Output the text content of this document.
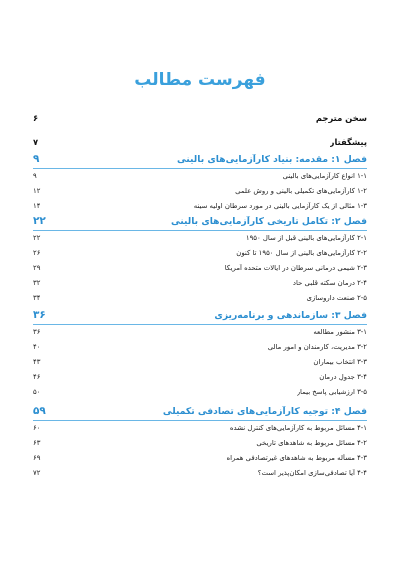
فهرست مطالب
سخن مترجم
۶
پیشگفتار
۷
فصل ۱: مقدمه: بنیاد کارآزمایی‌های بالینی
۹
۱-۱ انواع کارآزمایی‌های بالینی
۹
۱-۲ کارآزمایی‌های تکمیلی بالینی و روش علمی
۱۲
۱-۳ مثالی از یک کارآزمایی بالینی در مورد سرطان اولیه سینه
۱۴
فصل ۲: تکامل تاریخی کارآزمایی‌های بالینی
۲۲
۲-۱ کارآزمایی‌های بالینی قبل از سال ۱۹۵۰
۲۲
۲-۲ کارآزمایی‌های بالینی از سال ۱۹۵۰ تا کنون
۲۶
۲-۳ شیمی درمانی سرطان در ایالات متحده آمریکا
۲۹
۲-۴ درمان سکته قلبی حاد
۳۲
۲-۵ صنعت داروسازی
۳۴
فصل ۳: سازماندهی و برنامه‌ریزی
۳۶
۳-۱ منشور مطالعه
۳۶
۳-۲ مدیریت، کارمندان و امور مالی
۴۰
۳-۳ انتخاب بیماران
۴۳
۳-۴ جدولِ درمان
۴۶
۳-۵ ارزشیابی پاسخ بیمار
۵۰
فصل ۴: توجیه کارآزمایی‌های تصادفی تکمیلی
۵۹
۴-۱ مسائل مربوط به کارآزمایی‌های کنترل نشده
۶۰
۴-۲ مسائل مربوط به شاهدهای تاریخی
۶۳
۴-۳ مسأله مربوط به شاهدهای غیرتصادفی همراه
۶۹
۴-۴ آیا تصادفی‌سازی امکان‌پذیر است؟
۷۲
